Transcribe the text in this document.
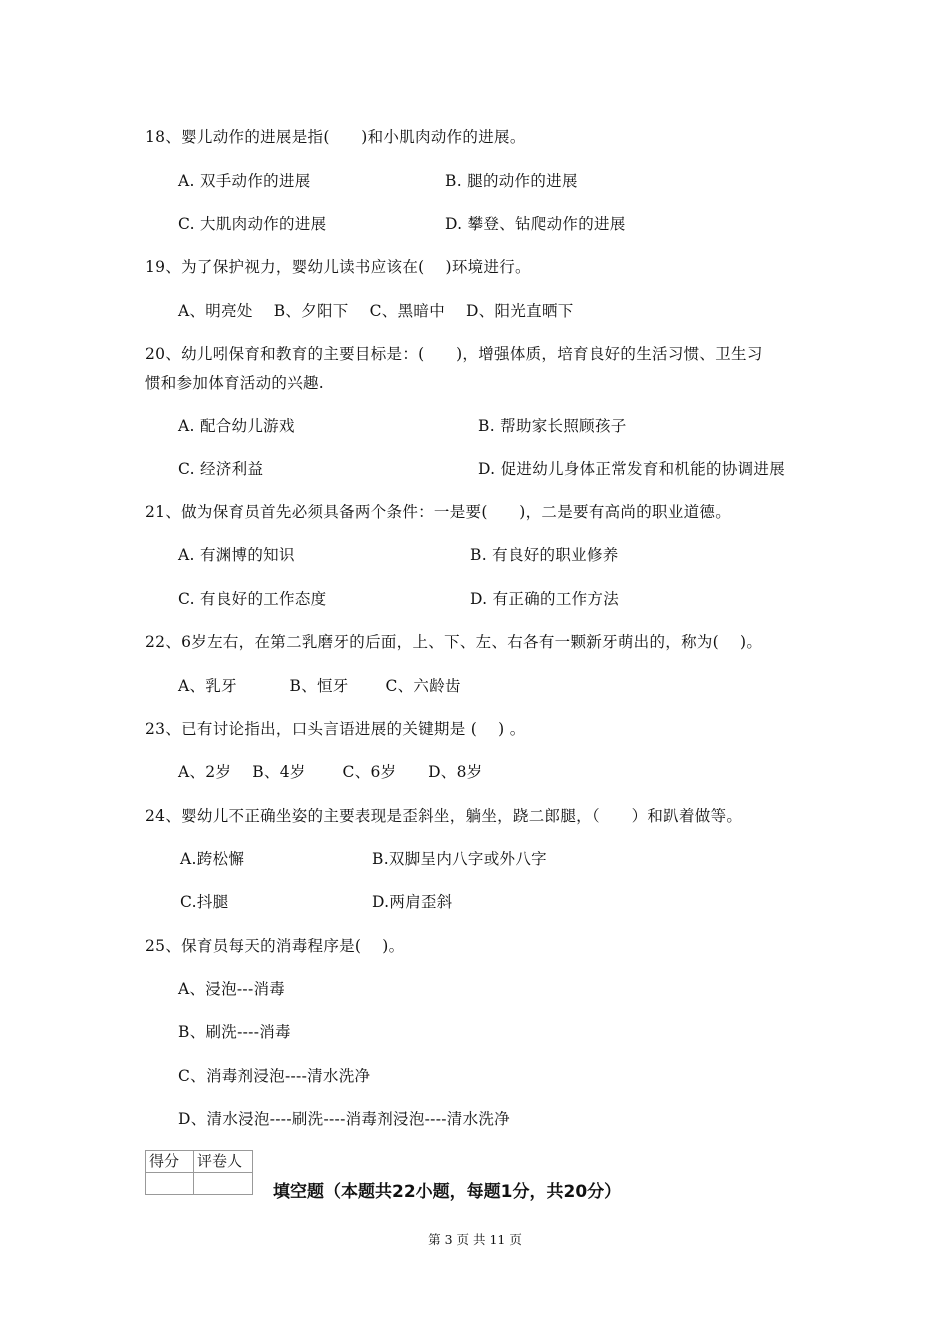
18、婴儿动作的进展是指(　　)和小肌肉动作的进展。
A. 双手动作的进展	B. 腿的动作的进展
C. 大肌肉动作的进展	D. 攀登、钻爬动作的进展
19、为了保护视力，婴幼儿读书应该在(　 )环境进行。
A、明亮处　 B、夕阳下　 C、黑暗中　 D、阳光直晒下
20、幼儿吲保育和教育的主要目标是：(　　)，增强体质，培育良好的生活习惯、卫生习
惯和参加体育活动的兴趣.
A. 配合幼儿游戏	B. 帮助家长照顾孩子
C. 经济利益	D. 促进幼儿身体正常发育和机能的协调进展
21、做为保育员首先必须具备两个条件：一是要(　　)，二是要有高尚的职业道德。
A. 有渊博的知识	B. 有良好的职业修养
C. 有良好的工作态度	D. 有正确的工作方法
22、6岁左右，在第二乳磨牙的后面，上、下、左、右各有一颗新牙萌出的，称为(　 )。
A、乳牙　　　 B、恒牙　　 C、六龄齿
23、已有讨论指出，口头言语进展的关键期是 (　 ) 。
A、2岁　 B、4岁　　 C、6岁　　D、8岁
24、婴幼儿不正确坐姿的主要表现是歪斜坐，躺坐，跷二郎腿，（　　）和趴着做等。
A.跨松懈	B.双脚呈内八字或外八字
C.抖腿	D.两肩歪斜
25、保育员每天的消毒程序是(　 )。
A、浸泡---消毒
B、刷洗----消毒
C、消毒剂浸泡----清水洗净
D、清水浸泡----刷洗----消毒剂浸泡----清水洗净
得分	评卷人

填空题（本题共22小题，每题1分，共20分）
第 3 页 共 11 页
